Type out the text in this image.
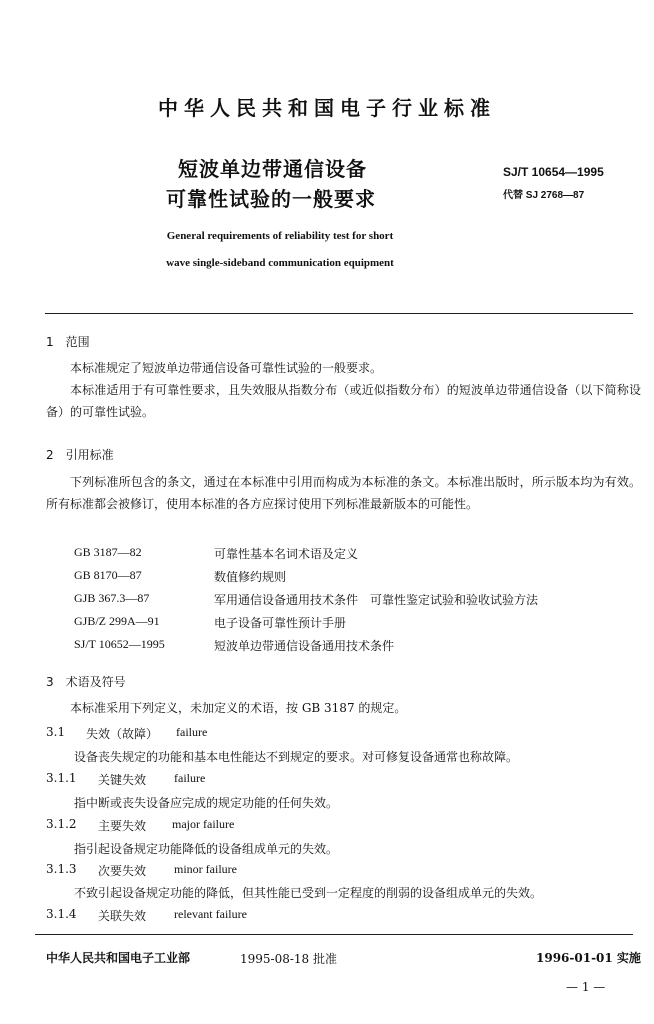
中华人民共和国电子行业标准
短波单边带通信设备
可靠性试验的一般要求
SJ/T 10654—1995
代替 SJ 2768—87
General requirements of reliability test for short
wave single-sideband communication equipment
1　范围
本标准规定了短波单边带通信设备可靠性试验的一般要求。
本标准适用于有可靠性要求，且失效服从指数分布（或近似指数分布）的短波单边带通信设备（以下简称设备）的可靠性试验。
2　引用标准
下列标准所包含的条文，通过在本标准中引用而构成为本标准的条文。本标准出版时，所示版本均为有效。所有标准都会被修订，使用本标准的各方应探讨使用下列标准最新版本的可能性。
GB 3187—82	可靠性基本名词术语及定义
GB 8170—87	数值修约规则
GJB 367.3—87	军用通信设备通用技术条件　可靠性鉴定试验和验收试验方法
GJB/Z 299A—91	电子设备可靠性预计手册
SJ/T 10652—1995	短波单边带通信设备通用技术条件
3　术语及符号
本标准采用下列定义，未加定义的术语，按 GB 3187 的规定。
3.1 失效（故障） failure
设备丧失规定的功能和基本电性能达不到规定的要求。对可修复设备通常也称故障。
3.1.1 关键失效 failure
指中断或丧失设备应完成的规定功能的任何失效。
3.1.2 主要失效 major failure
指引起设备规定功能降低的设备组成单元的失效。
3.1.3 次要失效 minor failure
不致引起设备规定功能的降低，但其性能已受到一定程度的削弱的设备组成单元的失效。
3.1.4 关联失效 relevant failure
中华人民共和国电子工业部	1995-08-18 批准	1996-01-01 实施
— 1 —
